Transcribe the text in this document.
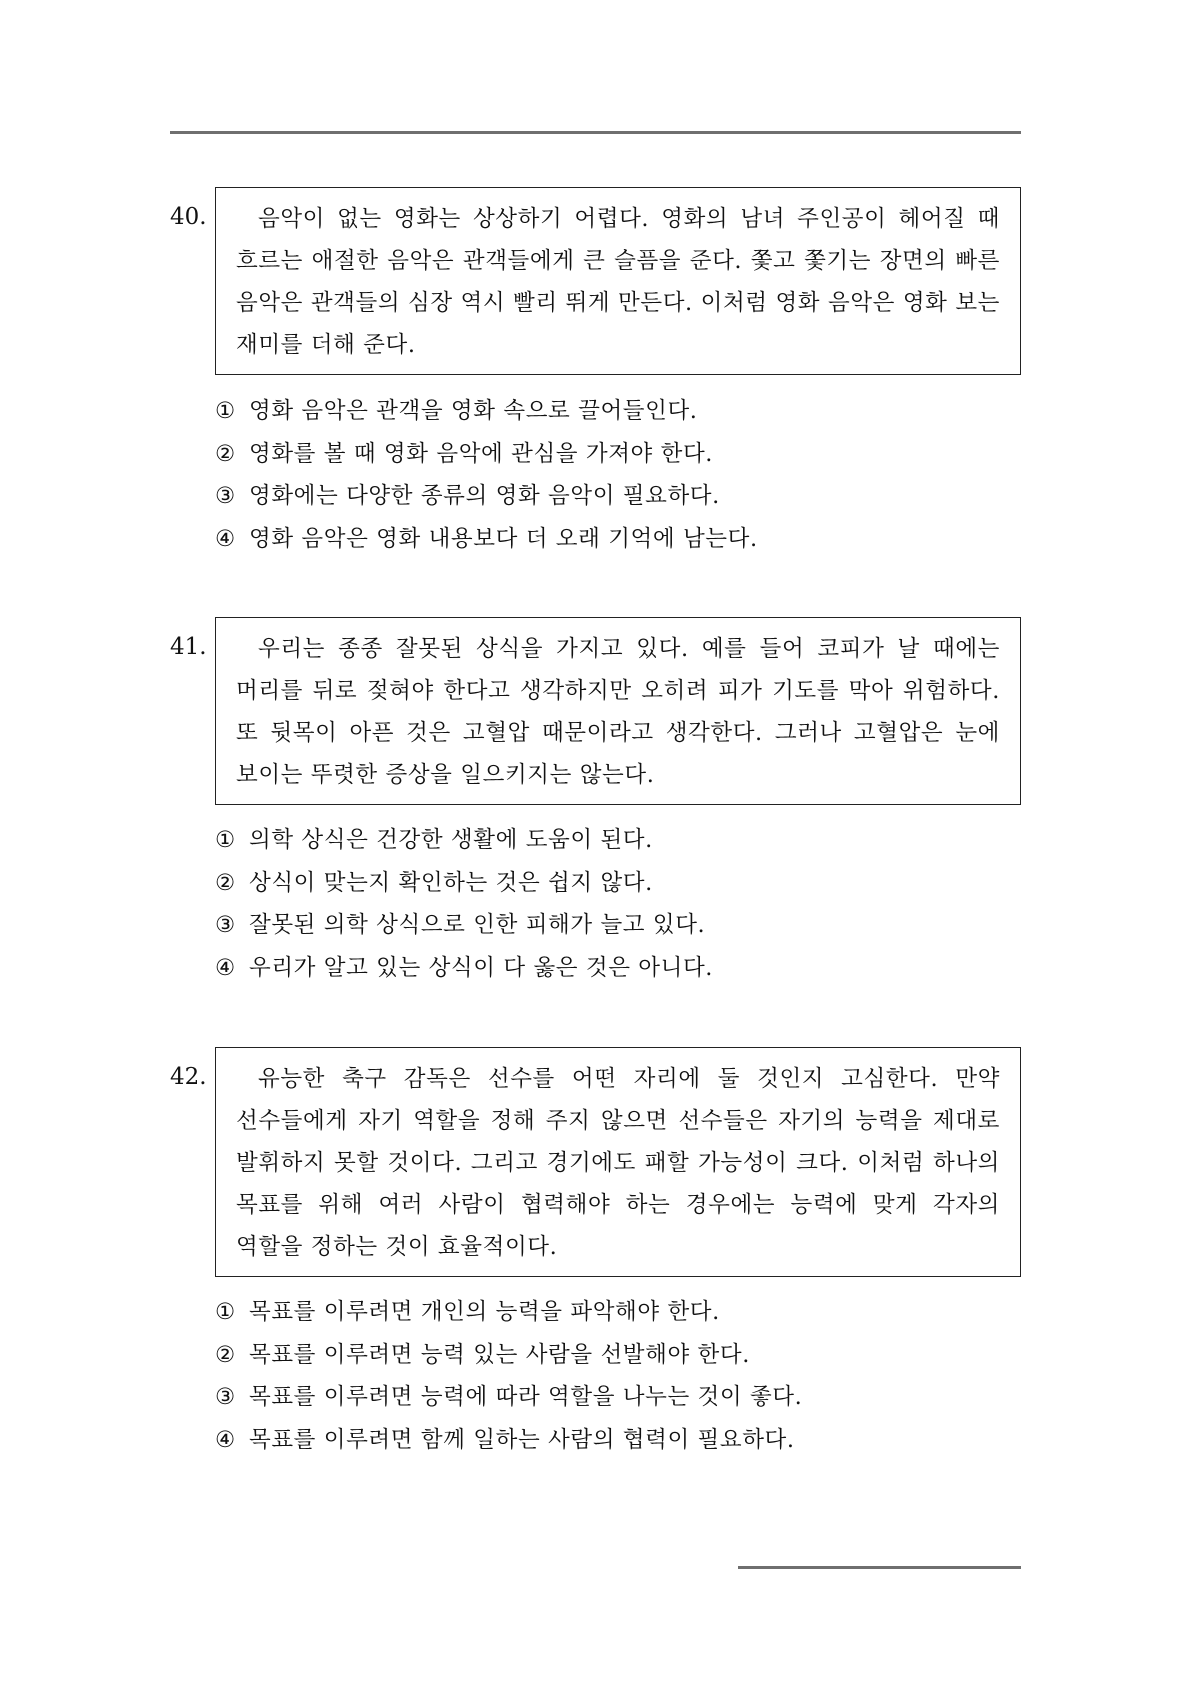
40.	음악이 없는 영화는 상상하기 어렵다. 영화의 남녀 주인공이 헤어질 때 흐르는 애절한 음악은 관객들에게 큰 슬픔을 준다. 쫓고 쫓기는 장면의 빠른 음악은 관객들의 심장 역시 빨리 뛰게 만든다. 이처럼 영화 음악은 영화 보는 재미를 더해 준다.

① 영화 음악은 관객을 영화 속으로 끌어들인다.
② 영화를 볼 때 영화 음악에 관심을 가져야 한다.
③ 영화에는 다양한 종류의 영화 음악이 필요하다.
④ 영화 음악은 영화 내용보다 더 오래 기억에 남는다.
41.	우리는 종종 잘못된 상식을 가지고 있다. 예를 들어 코피가 날 때에는 머리를 뒤로 젖혀야 한다고 생각하지만 오히려 피가 기도를 막아 위험하다. 또 뒷목이 아픈 것은 고혈압 때문이라고 생각한다. 그러나 고혈압은 눈에 보이는 뚜렷한 증상을 일으키지는 않는다.

① 의학 상식은 건강한 생활에 도움이 된다.
② 상식이 맞는지 확인하는 것은 쉽지 않다.
③ 잘못된 의학 상식으로 인한 피해가 늘고 있다.
④ 우리가 알고 있는 상식이 다 옳은 것은 아니다.
42.	유능한 축구 감독은 선수를 어떤 자리에 둘 것인지 고심한다. 만약 선수들에게 자기 역할을 정해 주지 않으면 선수들은 자기의 능력을 제대로 발휘하지 못할 것이다. 그리고 경기에도 패할 가능성이 크다. 이처럼 하나의 목표를 위해 여러 사람이 협력해야 하는 경우에는 능력에 맞게 각자의 역할을 정하는 것이 효율적이다.

① 목표를 이루려면 개인의 능력을 파악해야 한다.
② 목표를 이루려면 능력 있는 사람을 선발해야 한다.
③ 목표를 이루려면 능력에 따라 역할을 나누는 것이 좋다.
④ 목표를 이루려면 함께 일하는 사람의 협력이 필요하다.
